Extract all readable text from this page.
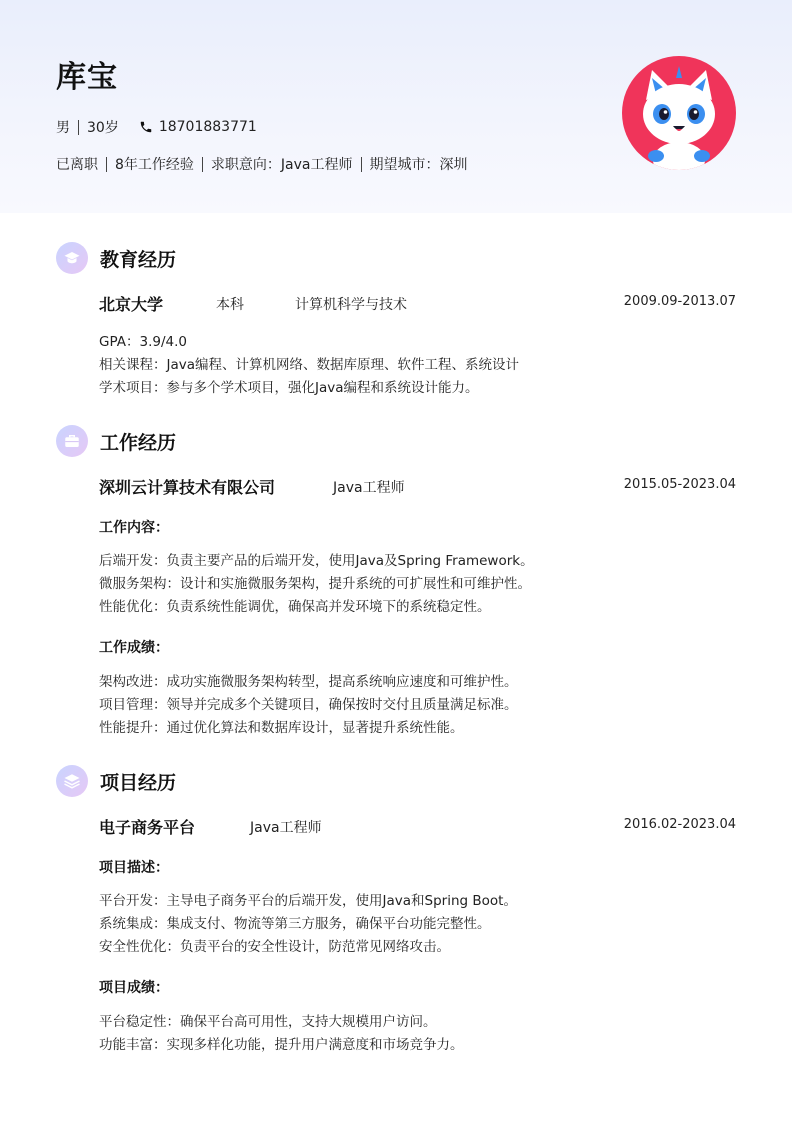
库宝
男 30岁	18701883771
已离职 8年工作经验 求职意向：Java工程师 期望城市：深圳
教育经历
北京大学	本科	计算机科学与技术	2009.09-2013.07
GPA：3.9/4.0
相关课程：Java编程、计算机网络、数据库原理、软件工程、系统设计
学术项目：参与多个学术项目，强化Java编程和系统设计能力。
工作经历
深圳云计算技术有限公司	Java工程师	2015.05-2023.04
工作内容：
后端开发：负责主要产品的后端开发，使用Java及Spring Framework。
微服务架构：设计和实施微服务架构，提升系统的可扩展性和可维护性。
性能优化：负责系统性能调优，确保高并发环境下的系统稳定性。
工作成绩：
架构改进：成功实施微服务架构转型，提高系统响应速度和可维护性。
项目管理：领导并完成多个关键项目，确保按时交付且质量满足标准。
性能提升：通过优化算法和数据库设计，显著提升系统性能。
项目经历
电子商务平台	Java工程师	2016.02-2023.04
项目描述：
平台开发：主导电子商务平台的后端开发，使用Java和Spring Boot。
系统集成：集成支付、物流等第三方服务，确保平台功能完整性。
安全性优化：负责平台的安全性设计，防范常见网络攻击。
项目成绩：
平台稳定性：确保平台高可用性，支持大规模用户访问。
功能丰富：实现多样化功能，提升用户满意度和市场竞争力。
